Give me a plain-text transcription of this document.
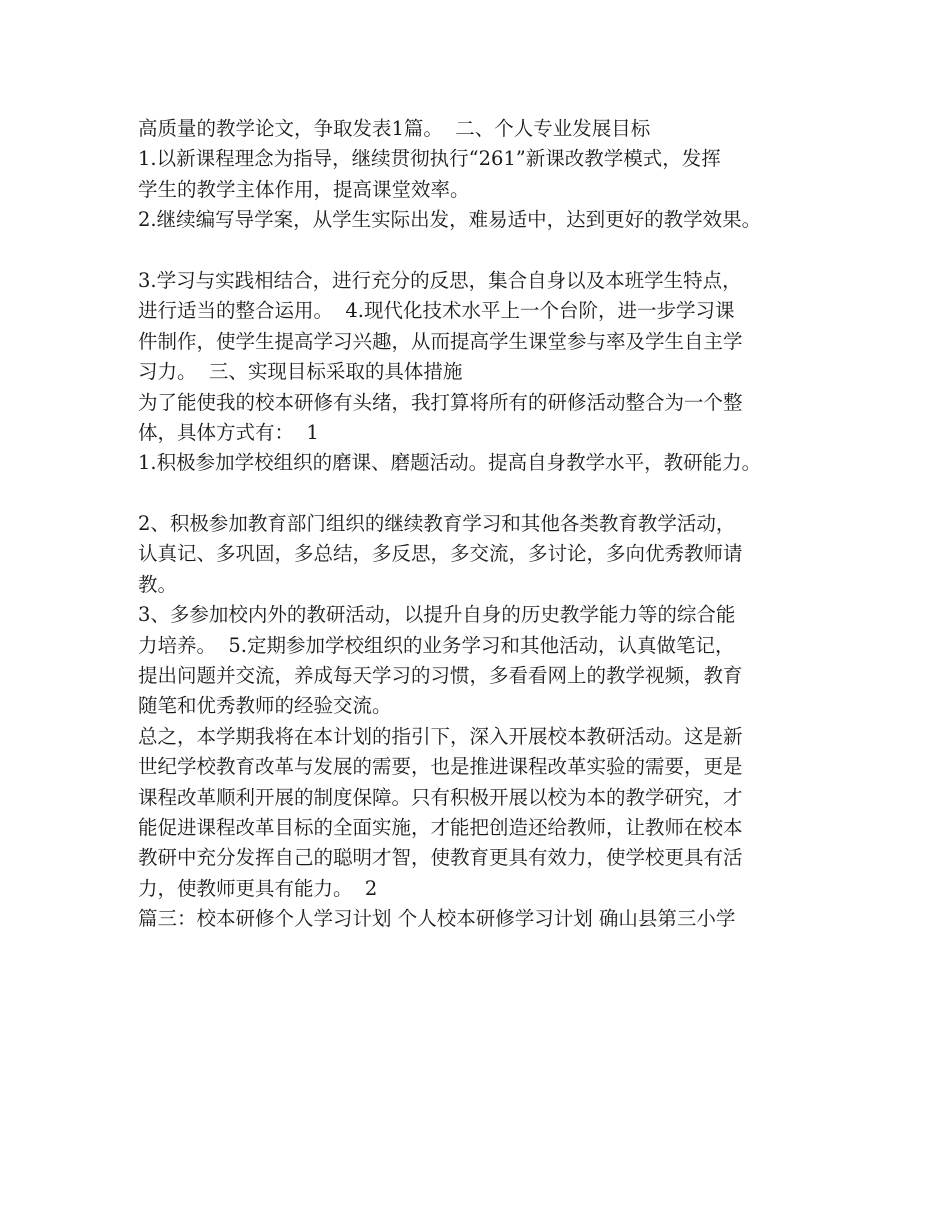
高质量的教学论文，争取发表1篇。  二、个人专业发展目标
1.以新课程理念为指导，继续贯彻执行“261”新课改教学模式，发挥
学生的教学主体作用，提高课堂效率。
2.继续编写导学案，从学生实际出发，难易适中，达到更好的教学效果。
3.学习与实践相结合，进行充分的反思，集合自身以及本班学生特点，
进行适当的整合运用。  4.现代化技术水平上一个台阶，进一步学习课
件制作，使学生提高学习兴趣，从而提高学生课堂参与率及学生自主学
习力。  三、实现目标采取的具体措施
为了能使我的校本研修有头绪，我打算将所有的研修活动整合为一个整
体，具体方式有：  1
1.积极参加学校组织的磨课、磨题活动。提高自身教学水平，教研能力。
2、积极参加教育部门组织的继续教育学习和其他各类教育教学活动，
认真记、多巩固，多总结，多反思，多交流，多讨论，多向优秀教师请
教。
3、多参加校内外的教研活动，以提升自身的历史教学能力等的综合能
力培养。  5.定期参加学校组织的业务学习和其他活动，认真做笔记，
提出问题并交流，养成每天学习的习惯，多看看网上的教学视频，教育
随笔和优秀教师的经验交流。
总之，本学期我将在本计划的指引下，深入开展校本教研活动。这是新
世纪学校教育改革与发展的需要，也是推进课程改革实验的需要，更是
课程改革顺利开展的制度保障。只有积极开展以校为本的教学研究，才
能促进课程改革目标的全面实施，才能把创造还给教师，让教师在校本
教研中充分发挥自己的聪明才智，使教育更具有效力，使学校更具有活
力，使教师更具有能力。  2
篇三：校本研修个人学习计划 个人校本研修学习计划 确山县第三小学
